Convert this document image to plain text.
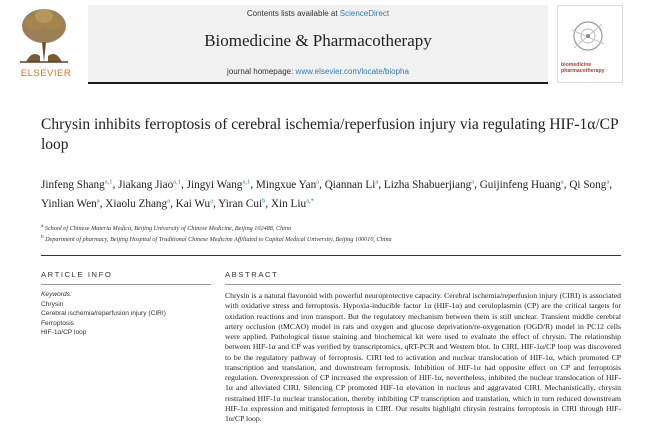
ELSEVIER
Contents lists available at ScienceDirect
Biomedicine & Pharmacotherapy
journal homepage: www.elsevier.com/locate/biopha
biomedicine pharmacotherapy
Chrysin inhibits ferroptosis of cerebral ischemia/reperfusion injury via regulating HIF-1α/CP loop
Jinfeng Shang$^{a,1}$, Jiakang Jiao$^{a,1}$, Jingyi Wang$^{a,1}$, Mingxue Yan$^a$, Qiannan Li$^a$, Lizha Shabuerjiang$^a$, Guijinfeng Huang$^a$, Qi Song$^a$, Yinlian Wen$^a$, Xiaolu Zhang$^a$, Kai Wu$^a$, Yiran Cui$^b$, Xin Liu$^{a,*}$
$^a$ School of Chinese Materia Medica, Beijing University of Chinese Medicine, Beijing 102488, China
$^b$ Department of pharmacy, Beijing Hospital of Traditional Chinese Medicine Affiliated to Capital Medical University, Beijing 100010, China
ARTICLE INFO
Keywords:
Chrysin
Cerebral ischemia/reperfusion injury (CIRI)
Ferroptosis
HIF-1α/CP loop
ABSTRACT
Chrysin is a natural flavonoid with powerful neuroprotective capacity. Cerebral ischemia/reperfusion injury (CIRI) is associated with oxidative stress and ferroptosis. Hypoxia-inducible factor 1α (HIF-1α) and ceruloplasmin (CP) are the critical targets for oxidation reactions and iron transport. But the regulatory mechanism between them is still unclear. Transient middle cerebral artery occlusion (tMCAO) model in rats and oxygen and glucose deprivation/re-oxygenation (OGD/R) model in PC12 cells were applied. Pathological tissue staining and biochemical kit were used to evaluate the effect of chrysin. The relationship between HIF-1α and CP was verified by transcriptomics, qRT-PCR and Western blot. In CIRI, HIF-1α/CP loop was discovered to be the regulatory pathway of ferroptosis. CIRI led to activation and nuclear translocation of HIF-1α, which promoted CP transcription and translation, and downstream ferroptosis. Inhibition of HIF-1α had opposite effect on CP and ferroptosis regulation. Overexpression of CP increased the expression of HIF-1α, nevertheless, inhibited the nuclear translocation of HIF-1α and alleviated CIRI. Silencing CP promoted HIF-1α elevation in nucleus and aggravated CIRI. Mechanistically, chrysin restrained HIF-1α nuclear translocation, thereby inhibiting CP transcription and translation, which in turn reduced downstream HIF-1α expression and mitigated ferroptosis in CIRI. Our results highlight chrysin restrains ferroptosis in CIRI through HIF-1α/CP loop.
